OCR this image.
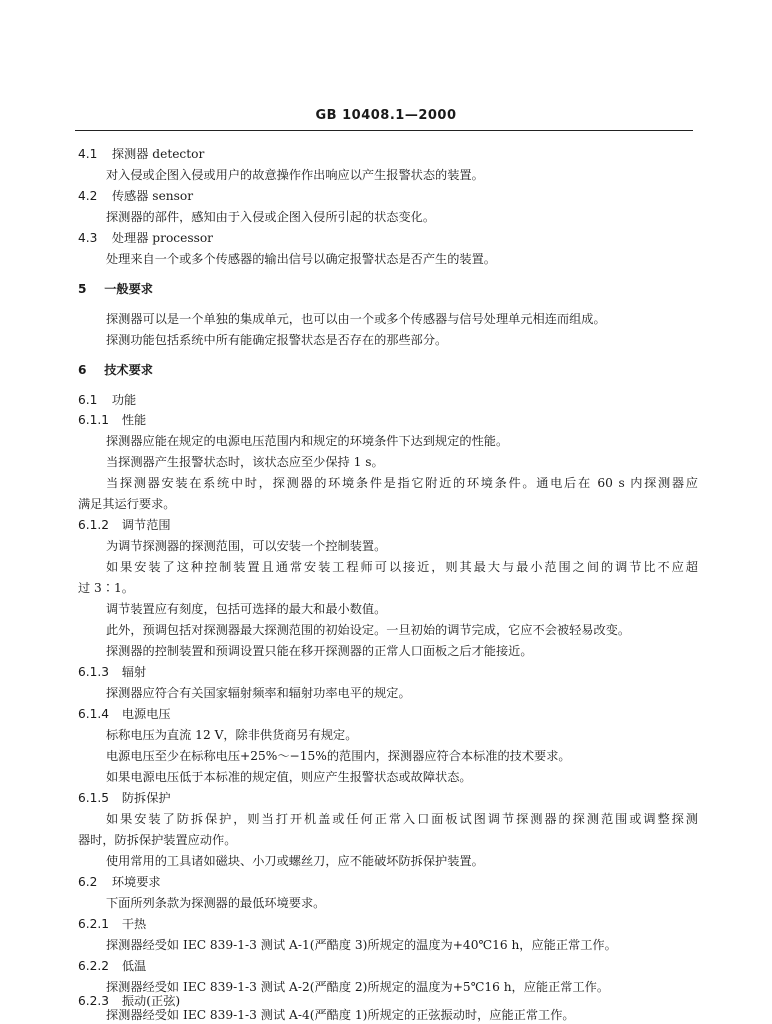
GB 10408.1—2000
4.1 探测器 detector
对入侵或企图入侵或用户的故意操作作出响应以产生报警状态的装置。
4.2 传感器 sensor
探测器的部件，感知由于入侵或企图入侵所引起的状态变化。
4.3 处理器 processor
处理来自一个或多个传感器的输出信号以确定报警状态是否产生的装置。
5 一般要求
探测器可以是一个单独的集成单元，也可以由一个或多个传感器与信号处理单元相连而组成。
探测功能包括系统中所有能确定报警状态是否存在的那些部分。
6 技术要求
6.1 功能
6.1.1 性能
探测器应能在规定的电源电压范围内和规定的环境条件下达到规定的性能。
当探测器产生报警状态时，该状态应至少保持 1 s。
当探测器安装在系统中时，探测器的环境条件是指它附近的环境条件。通电后在 60 s 内探测器应
满足其运行要求。
6.1.2 调节范围
为调节探测器的探测范围，可以安装一个控制装置。
如果安装了这种控制装置且通常安装工程师可以接近，则其最大与最小范围之间的调节比不应超
过 3∶1。
调节装置应有刻度，包括可选择的最大和最小数值。
此外，预调包括对探测器最大探测范围的初始设定。一旦初始的调节完成，它应不会被轻易改变。
探测器的控制装置和预调设置只能在移开探测器的正常人口面板之后才能接近。
6.1.3 辐射
探测器应符合有关国家辐射频率和辐射功率电平的规定。
6.1.4 电源电压
标称电压为直流 12 V，除非供货商另有规定。
电源电压至少在标称电压+25%～−15%的范围内，探测器应符合本标准的技术要求。
如果电源电压低于本标准的规定值，则应产生报警状态或故障状态。
6.1.5 防拆保护
如果安装了防拆保护，则当打开机盖或任何正常入口面板试图调节探测器的探测范围或调整探测
器时，防拆保护装置应动作。
使用常用的工具诸如磁块、小刀或螺丝刀，应不能破坏防拆保护装置。
6.2 环境要求
下面所列条款为探测器的最低环境要求。
6.2.1 干热
探测器经受如 IEC 839-1-3 测试 A-1(严酷度 3)所规定的温度为+40℃16 h，应能正常工作。
6.2.2 低温
探测器经受如 IEC 839-1-3 测试 A-2(严酷度 2)所规定的温度为+5℃16 h，应能正常工作。
6.2.3 振动(正弦)
探测器经受如 IEC 839-1-3 测试 A-4(严酷度 1)所规定的正弦振动时，应能正常工作。
